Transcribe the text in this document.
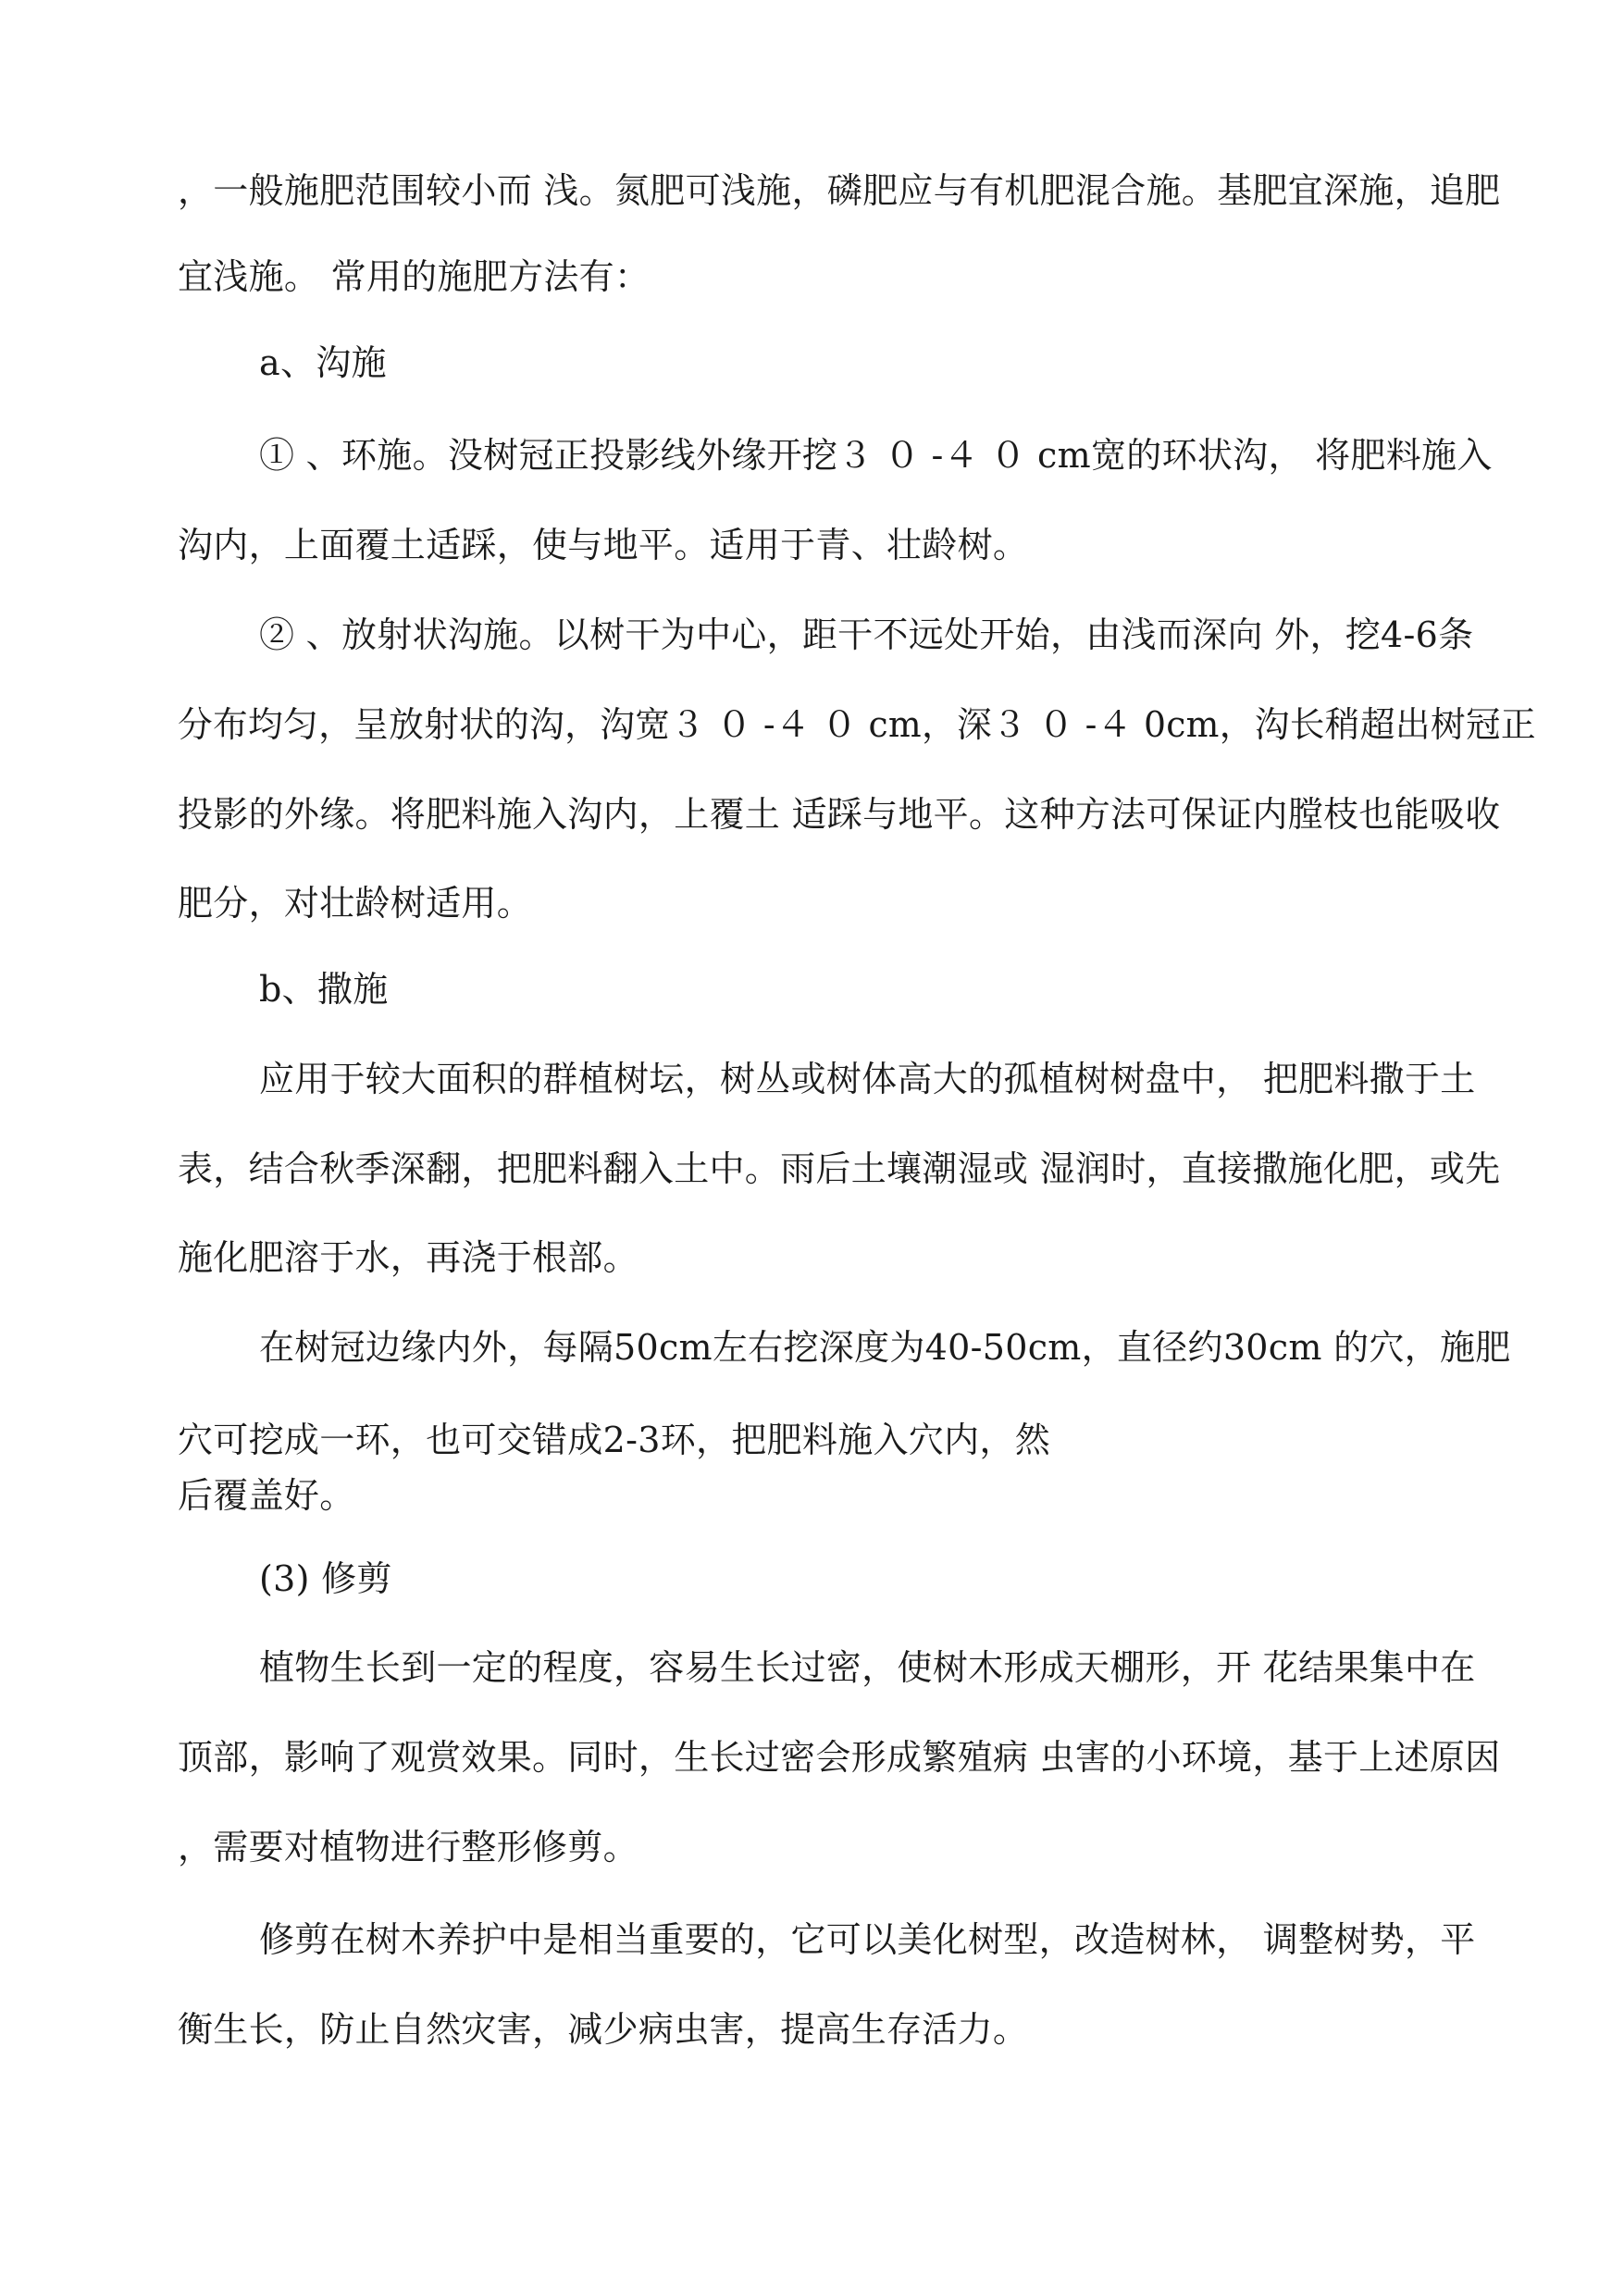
，一般施肥范围较小而 浅。氮肥可浅施，磷肥应与有机肥混合施。基肥宜深施，追肥
宜浅施。 常用的施肥方法有：
a、沟施
① 、环施。没树冠正投影线外缘开挖３ ０ -４ ０ cm宽的环状沟， 将肥料施入
沟内，上面覆土适踩，使与地平。适用于青、壮龄树。
② 、放射状沟施。以树干为中心，距干不远处开始，由浅而深向 外，挖4-6条
分布均匀，呈放射状的沟，沟宽３ ０ -４ ０ cm，深３ ０ -４ 0cm，沟长稍超出树冠正
投影的外缘。将肥料施入沟内，上覆土 适踩与地平。这种方法可保证内膛枝也能吸收
肥分，对壮龄树适用。
b、撒施
应用于较大面积的群植树坛，树丛或树体高大的孤植树树盘中， 把肥料撒于土
表，结合秋季深翻，把肥料翻入土中。雨后土壤潮湿或 湿润时，直接撒施化肥，或先
施化肥溶于水，再浇于根部。
在树冠边缘内外，每隔50cm左右挖深度为40-50cm，直径约30cm 的穴，施肥
穴可挖成一环，也可交错成2-3环，把肥料施入穴内，然
后覆盖好。
(3) 修剪
植物生长到一定的程度，容易生长过密，使树木形成天棚形，开 花结果集中在
顶部，影响了观赏效果。同时，生长过密会形成繁殖病 虫害的小环境，基于上述原因
，需要对植物进行整形修剪。
修剪在树木养护中是相当重要的，它可以美化树型，改造树林， 调整树势，平
衡生长，防止自然灾害，减少病虫害，提高生存活力。
